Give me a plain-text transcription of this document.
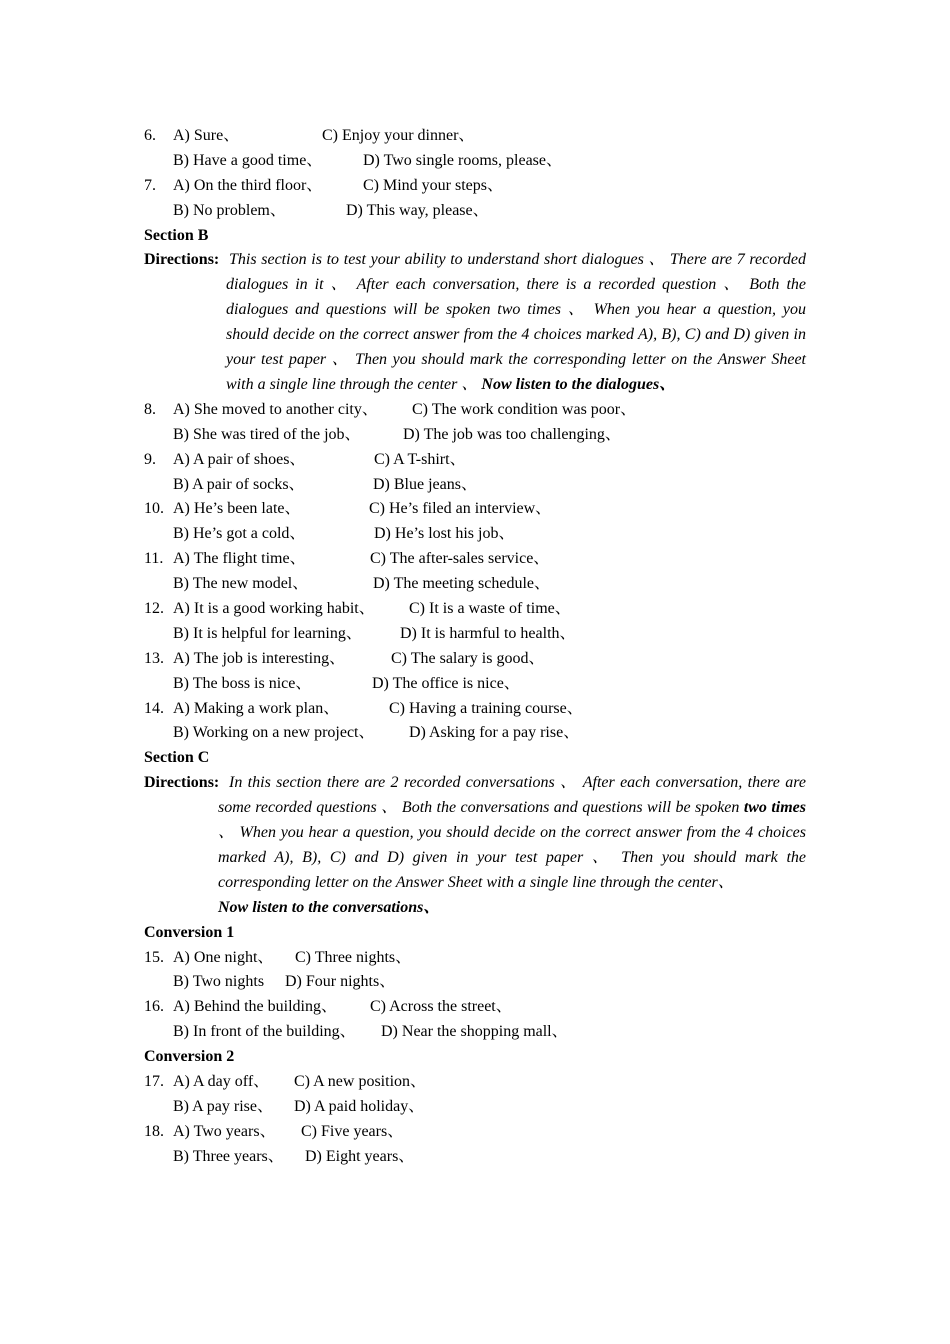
6. A) Sure、	C) Enjoy your dinner、
B) Have a good time、	D) Two single rooms, please、
7. A) On the third floor、	C) Mind your steps、
B) No problem、	D) This way, please、
Section B
Directions: This section is to test your ability to understand short dialogues 、 There are 7 recorded dialogues in it 、 After each conversation, there is a recorded question 、 Both the dialogues and questions will be spoken two times 、 When you hear a question, you should decide on the correct answer from the 4 choices marked A), B), C) and D) given in your test paper 、 Then you should mark the corresponding letter on the Answer Sheet with a single line through the center 、 Now listen to the dialogues、
8. A) She moved to another city、 C) The work condition was poor、
B) She was tired of the job、	D) The job was too challenging、
9. A) A pair of shoes、	C) A T-shirt、
B) A pair of socks、	D) Blue jeans、
10. A) He’s been late、	C) He’s filed an interview、
B) He’s got a cold、	D) He’s lost his job、
11. A) The flight time、	C) The after-sales service、
B) The new model、	D) The meeting schedule、
12. A) It is a good working habit、 C) It is a waste of time、
B) It is helpful for learning、 D) It is harmful to health、
13. A) The job is interesting、	C) The salary is good、
B) The boss is nice、	D) The office is nice、
14. A) Making a work plan、	C) Having a training course、
B) Working on a new project、 D) Asking for a pay rise、
Section C
Directions: In this section there are 2 recorded conversations 、 After each conversation, there are some recorded questions 、 Both the conversations and questions will be spoken two times 、 When you hear a question, you should decide on the correct answer from the 4 choices marked A), B), C) and D) given in your test paper 、 Then you should mark the corresponding letter on the Answer Sheet with a single line through the center、
Now listen to the conversations、
Conversion 1
15. A) One night、 C) Three nights、
B) Two nights D) Four nights、
16. A) Behind the building、 C) Across the street、
B) In front of the building、 D) Near the shopping mall、
Conversion 2
17. A) A day off、 C) A new position、
B) A pay rise、 D) A paid holiday、
18. A) Two years、 C) Five years、
B) Three years、 D) Eight years、
